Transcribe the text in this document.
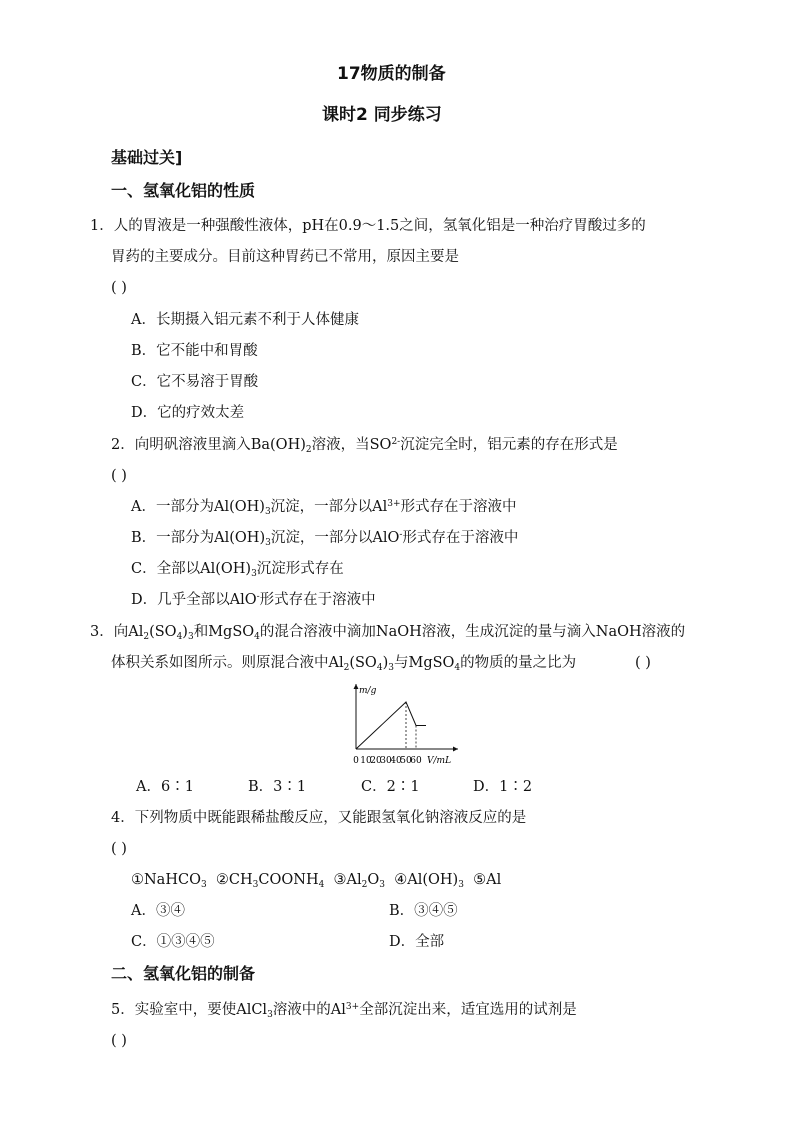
17物质的制备
课时2 同步练习
基础过关]
一、氢氧化铝的性质
1．人的胃液是一种强酸性液体，pH在0.9～1.5之间，氢氧化铝是一种治疗胃酸过多的
胃药的主要成分。目前这种胃药已不常用，原因主要是
( )
A．长期摄入铝元素不利于人体健康
B．它不能中和胃酸
C．它不易溶于胃酸
D．它的疗效太差
2．向明矾溶液里滴入$Ba(OH)_2$溶液，当$SO^{2-}$沉淀完全时，铝元素的存在形式是
( )
A．一部分为$Al(OH)_3$沉淀，一部分以$Al^{3+}$形式存在于溶液中
B．一部分为$Al(OH)_3$沉淀，一部分以AlO-形式存在于溶液中
C．全部以$Al(OH)_3$沉淀形式存在
D．几乎全部以AlO-形式存在于溶液中
3．向$Al_2(SO_4)_3$和MgSO$_4$的混合溶液中滴加NaOH溶液，生成沉淀的量与滴入NaOH溶液的
体积关系如图所示。则原混合液中$Al_2(SO_4)_3$与MgSO$_4$的物质的量之比为	( )
m/g
V/mL
0 10
20
30
40
50
60
A．6∶1	B．3∶1	C．2∶1	D．1∶2
4．下列物质中既能跟稀盐酸反应，又能跟氢氧化钠溶液反应的是
( )
①NaHCO$_3$  $②CH_3COONH_4$  $③Al_2O_3$  $④Al(OH)_3$  ⑤Al
A．③④	B．③④⑤
C．①③④⑤	D．全部
二、氢氧化铝的制备
5．实验室中，要使AlCl$_3$溶液中的$Al^{3+}$全部沉淀出来，适宜选用的试剂是
( )
